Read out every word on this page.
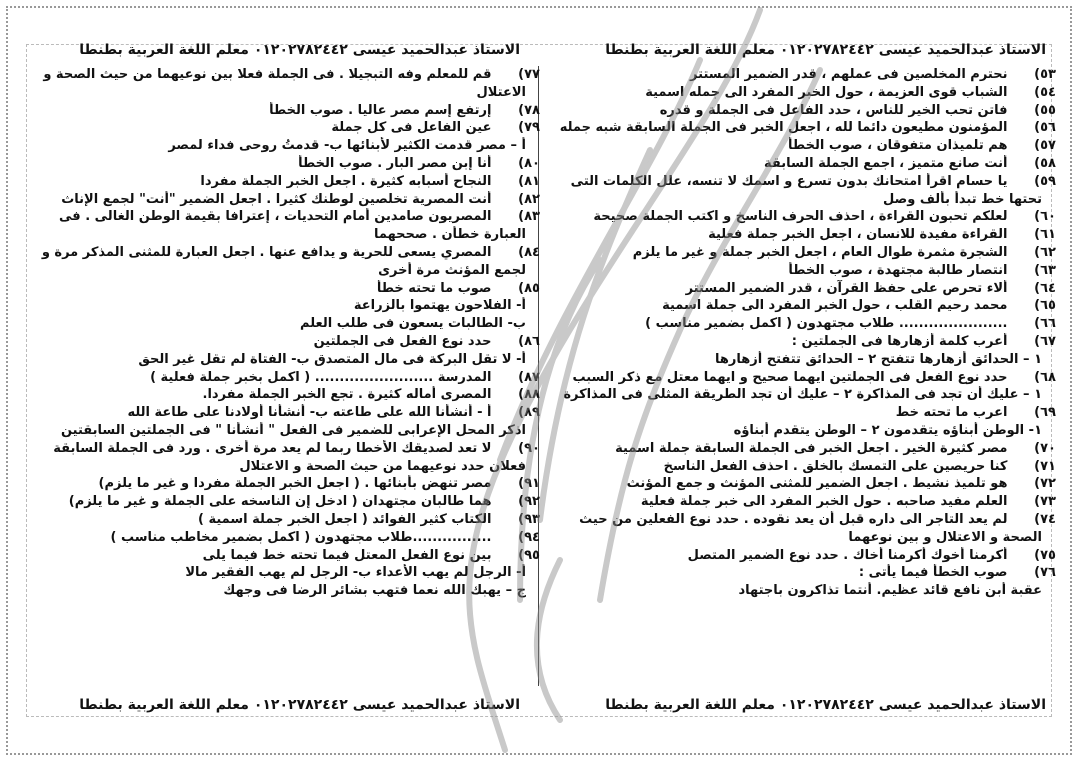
الاستاذ عبدالحميد عيسى ٠١٢٠٢٧٨٢٤٤٢ معلم اللغة العربية بطنطا
الاستاذ عبدالحميد عيسى ٠١٢٠٢٧٨٢٤٤٢ معلم اللغة العربية بطنطا
٥٣) نحترم المخلصين فى عملهم ، قدر الضمير المستتر
٥٤) الشباب قوى العزيمة ، حول الخبر المفرد الى جمله اسمية
٥٥) فاتن تحب الخير للناس ، حدد الفاعل فى الجملة و قدره
٥٦) المؤمنون مطيعون دائما لله ، اجعل الخبر فى الجملة السابقة شبه جمله
٥٧) هم تلميذان متفوقان ، صوب الخطأ
٥٨) أنت صانع متميز ، اجمع الجملة السابقة
٥٩) يا حسام اقرأ امتحانك بدون تسرع و اسمك لا تنسه، علل الكلمات التى
تحتها خط تبدأ بألف وصل
٦٠) لعلكم تحبون القراءة ، احذف الحرف الناسخ و اكتب الجملة صحيحة
٦١) القراءة مفيدة للانسان ، اجعل الخبر جملة فعلية
٦٢) الشجرة مثمرة طوال العام ، اجعل الخبر جملة و غير ما يلزم
٦٣) انتصار طالبة مجتهدة ، صوب الخطأ
٦٤) ألاء تحرص على حفظ القرآن ، قدر الضمير المستتر
٦٥) محمد رحيم القلب ، حول الخبر المفرد الى جملة اسمية
٦٦) ...................... طلاب مجتهدون ( اكمل بضمير مناسب )
٦٧) أعرب كلمة أزهارها فى الجملتين :
١ – الحدائق أزهارها تتفتح ٢ – الحدائق تتفتح أزهارها
٦٨) حدد نوع الفعل فى الجملتين ايهما صحيح و ايهما معتل مع ذكر السبب
١ – عليك أن تجد فى المذاكرة ٢ – عليك أن تجد الطريقة المثلى فى المذاكرة
٦٩) اعرب ما تحته خط
١- الوطن أبناؤه يتقدمون ٢ – الوطن يتقدم أبناؤه
٧٠) مصر كثيرة الخير . اجعل الخبر فى الجملة السابقة جملة اسمية
٧١) كنا حريصين على التمسك بالخلق . احذف الفعل الناسخ
٧٢) هو تلميذ نشيط . اجعل الضمير للمثنى المؤنث و جمع المؤنث
٧٣) العلم مفيد صاحبه . حول الخبر المفرد الى خبر جملة فعلية
٧٤) لم يعد التاجر الى داره قبل أن يعد نقوده . حدد نوع الفعلين من حيث
الصحة و الاعتلال و بين نوعهما
٧٥) أكرمنا أخوك أكرمنا أخاك . حدد نوع الضمير المتصل
٧٦) صوب الخطأ فيما يأتى :
عقبة أبن نافع قائد عظيم. أنتما تذاكرون باجتهاد
٧٧) قم للمعلم وفه التبجيلا . فى الجملة فعلا بين نوعيهما من حيث الصحة و
الاعتلال
٧٨) إرتفع إسم مصر عاليا . صوب الخطأ
٧٩) عين الفاعل فى كل جملة
أ – مصر قدمت الكثير لأبنائها ب- قدمتُ روحى فداء لمصر
٨٠) أنا إبن مصر البار . صوب الخطأ
٨١) النجاح أسبابه كثيرة . اجعل الخبر الجملة مفردا
٨٢) أنت المصرية تخلصين لوطنك كثيرا . اجعل الضمير "أنت" لجمع الإناث
٨٣) المصريون صامدين أمام التحديات ، إعترافا بقيمة الوطن الغالى . فى
العبارة خطأن . صححهما
٨٤) المصري يسعى للحرية و يدافع عنها . اجعل العبارة للمثنى المذكر مرة و
لجمع المؤنث مرة أخرى
٨٥) صوب ما تحته خطأ
أ- الفلاحون يهتموا بالزراعة
ب- الطالبات يسعون فى طلب العلم
٨٦) حدد نوع الفعل فى الجملتين
أ- لا تقل البركة فى مال المتصدق ب- الفتاة لم تقل غير الحق
٨٧) المدرسة ........................ ( اكمل بخبر جملة فعلية )
٨٨) المصرى أماله كثيرة . تجع الخبر الجملة مفردا.
٨٩) أ - أنشأنا الله على طاعته ب- أنشأنا أولادنا على طاعة الله
اذكر المحل الإعرابى للضمير فى الفعل " أنشأنا " فى الجملتين السابقتين
٩٠) لا تعد لصديقك الأخطا ربما لم يعد مرة أخرى . ورد فى الجملة السابقة
فعلان حدد نوعيهما من حيث الصحة و الاعتلال
٩١) مصر تنهض بأبنائها . ( اجعل الخبر الجملة مفردا و غير ما يلزم)
٩٢) هما طالبان مجتهدان ( ادخل إن الناسخه على الجملة و غير ما يلزم)
٩٣) الكتاب كثير الفوائد ( اجعل الخبر جملة اسمية )
٩٤) ................طلاب مجتهدون ( اكمل بضمير مخاطب مناسب )
٩٥) بين نوع الفعل المعتل فيما تحته خط فيما يلى
أ- الرجل لم يهب الأعداء ب- الرجل لم يهب الفقير مالا
ج – يهبك الله نعما فتهب بشائر الرضا فى وجهك
الاستاذ عبدالحميد عيسى ٠١٢٠٢٧٨٢٤٤٢ معلم اللغة العربية بطنطا
الاستاذ عبدالحميد عيسى ٠١٢٠٢٧٨٢٤٤٢ معلم اللغة العربية بطنطا
